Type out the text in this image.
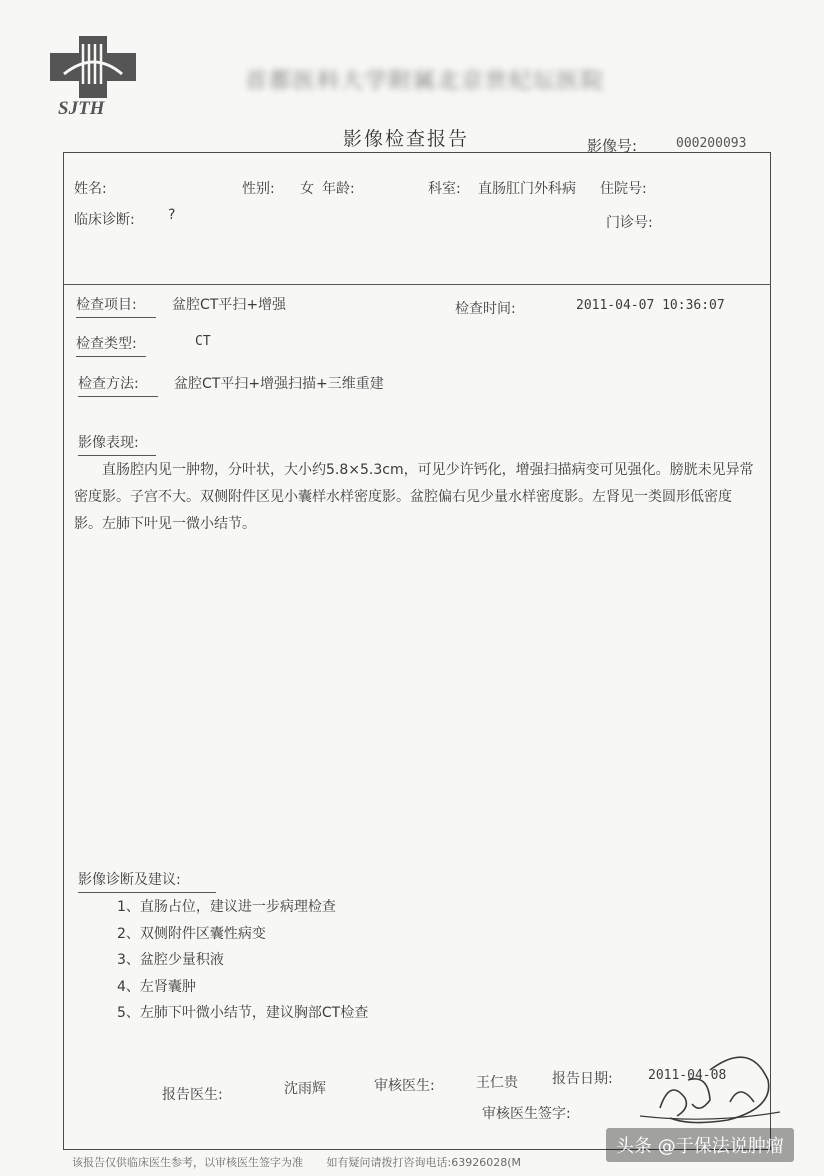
SJTH
首都医科大学附属北京世纪坛医院
影像检查报告	影像号:	000200093
姓名:	性别: 女 年龄:	科室: 直肠肛门外科病 住院号:
临床诊断: ?	门诊号:
检查项目:	盆腔CT平扫+增强	检查时间:	2011-04-07 10:36:07
检查类型:	CT
检查方法:	盆腔CT平扫+增强扫描+三维重建
影像表现:
直肠腔内见一肿物，分叶状，大小约5.8×5.3cm，可见少许钙化，增强扫描病变可见强化。膀胱未见异常密度影。子宫不大。双侧附件区见小囊样水样密度影。盆腔偏右见少量水样密度影。左肾见一类圆形低密度影。左肺下叶见一微小结节。
影像诊断及建议:
1、直肠占位，建议进一步病理检查
2、双侧附件区囊性病变
3、盆腔少量积液
4、左肾囊肿
5、左肺下叶微小结节，建议胸部CT检查
报告医生:	沈雨辉	审核医生:	王仁贵 报告日期:	2011-04-08
审核医生签字:
该报告仅供临床医生参考，以审核医生签字为准 如有疑问请拨打咨询电话:63926028(M
头条 @于保法说肿瘤
